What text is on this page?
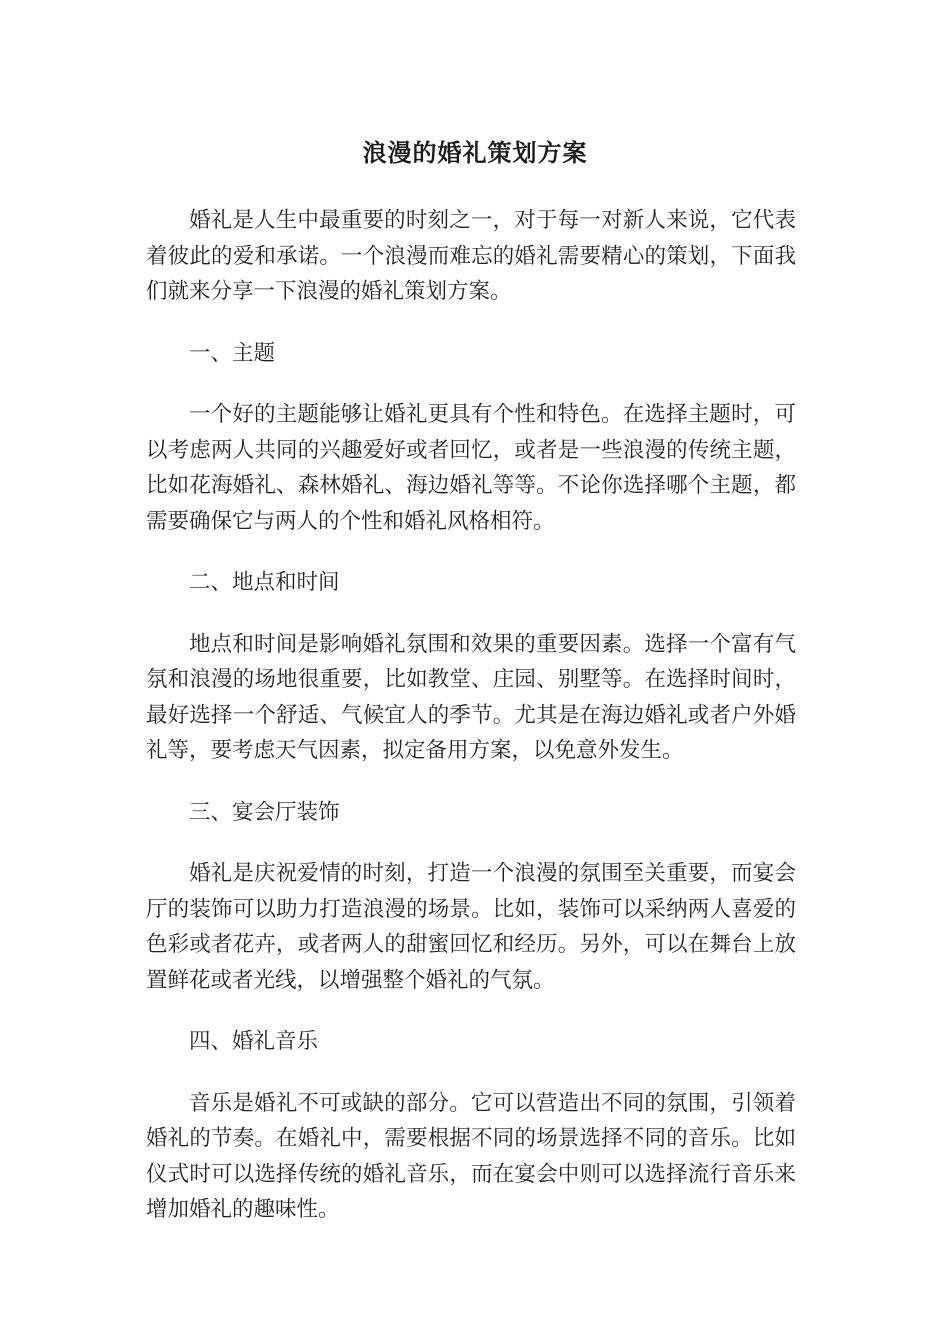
浪漫的婚礼策划方案

婚礼是人生中最重要的时刻之一，对于每一对新人来说，它代表着彼此的爱和承诺。一个浪漫而难忘的婚礼需要精心的策划，下面我们就来分享一下浪漫的婚礼策划方案。

一、主题

一个好的主题能够让婚礼更具有个性和特色。在选择主题时，可以考虑两人共同的兴趣爱好或者回忆，或者是一些浪漫的传统主题，比如花海婚礼、森林婚礼、海边婚礼等等。不论你选择哪个主题，都需要确保它与两人的个性和婚礼风格相符。

二、地点和时间

地点和时间是影响婚礼氛围和效果的重要因素。选择一个富有气氛和浪漫的场地很重要，比如教堂、庄园、别墅等。在选择时间时，最好选择一个舒适、气候宜人的季节。尤其是在海边婚礼或者户外婚礼等，要考虑天气因素，拟定备用方案，以免意外发生。

三、宴会厅装饰

婚礼是庆祝爱情的时刻，打造一个浪漫的氛围至关重要，而宴会厅的装饰可以助力打造浪漫的场景。比如，装饰可以采纳两人喜爱的色彩或者花卉，或者两人的甜蜜回忆和经历。另外，可以在舞台上放置鲜花或者光线，以增强整个婚礼的气氛。

四、婚礼音乐

音乐是婚礼不可或缺的部分。它可以营造出不同的氛围，引领着婚礼的节奏。在婚礼中，需要根据不同的场景选择不同的音乐。比如仪式时可以选择传统的婚礼音乐，而在宴会中则可以选择流行音乐来增加婚礼的趣味性。
